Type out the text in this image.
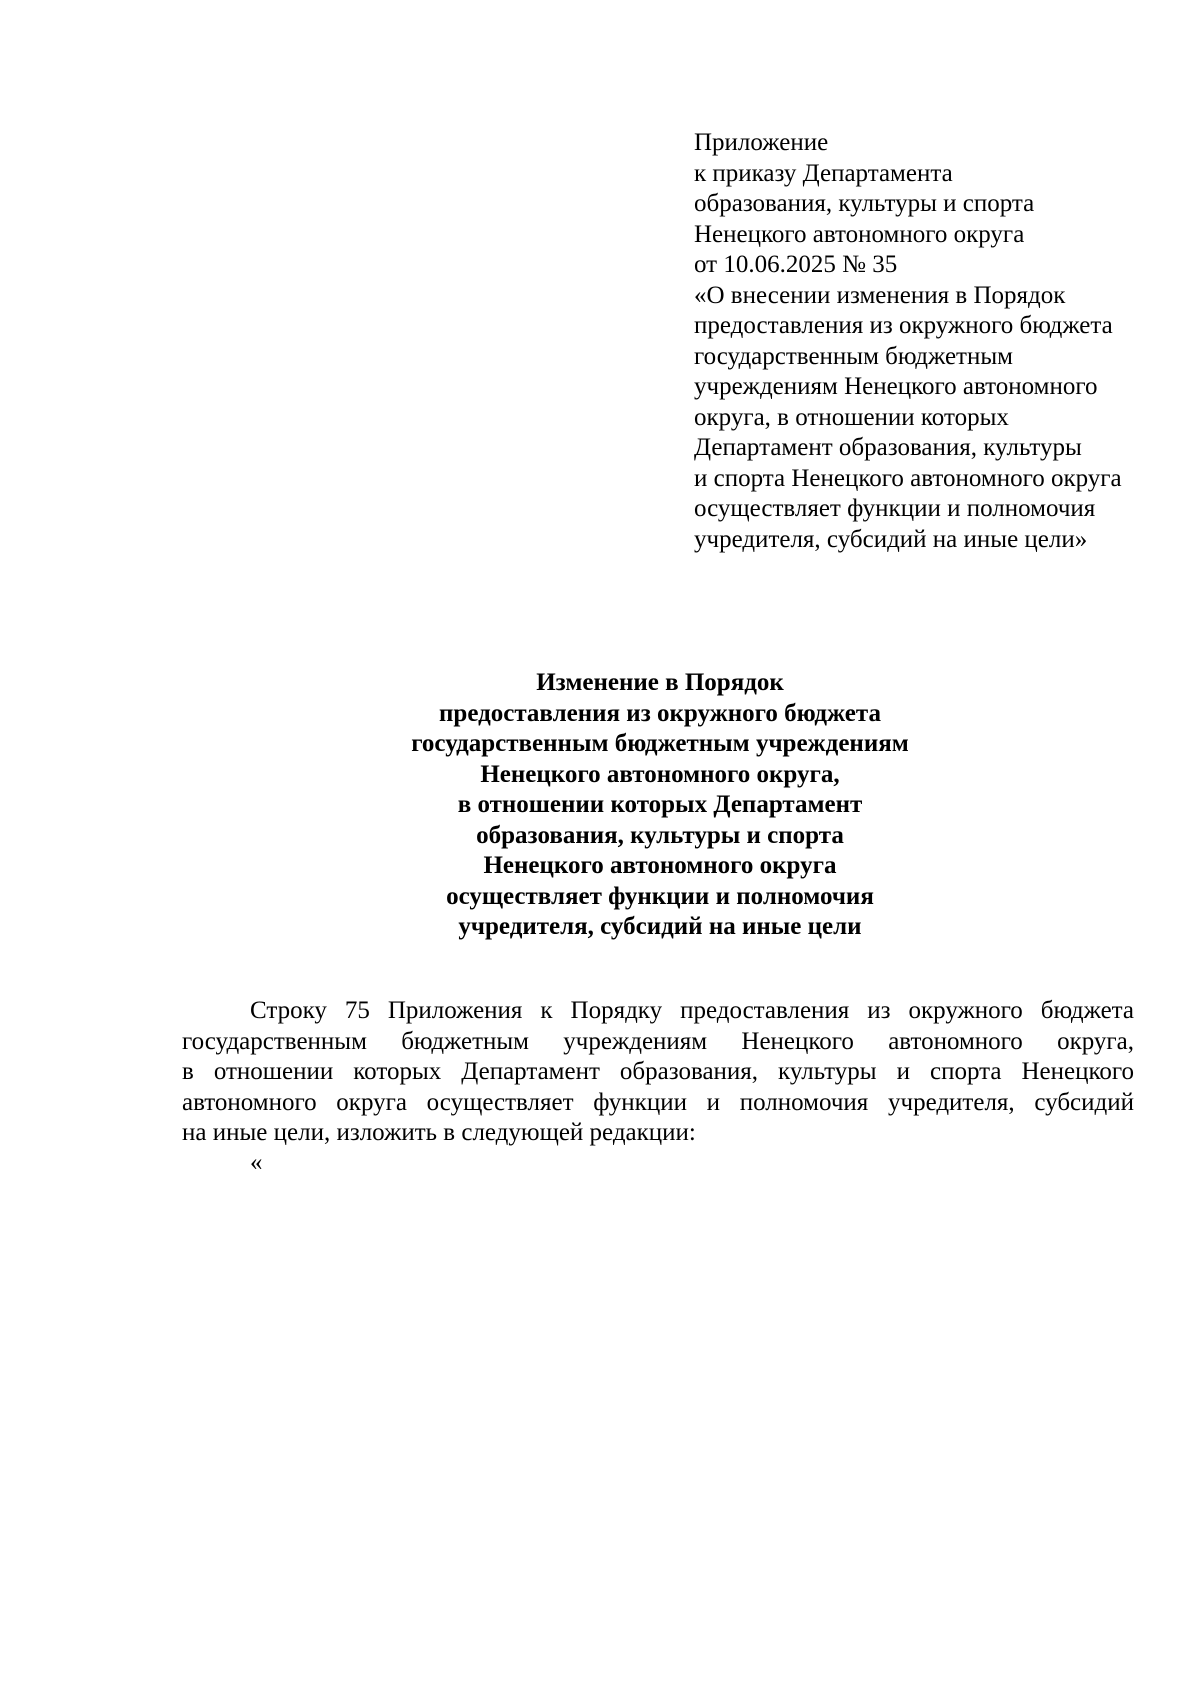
Приложение
к приказу Департамента
образования, культуры и спорта
Ненецкого автономного округа
от 10.06.2025 № 35
«О внесении изменения в Порядок
предоставления из окружного бюджета
государственным бюджетным
учреждениям Ненецкого автономного
округа, в отношении которых
Департамент образования, культуры
и спорта Ненецкого автономного округа
осуществляет функции и полномочия
учредителя, субсидий на иные цели»
Изменение в Порядок
предоставления из окружного бюджета
государственным бюджетным учреждениям
Ненецкого автономного округа,
в отношении которых Департамент
образования, культуры и спорта
Ненецкого автономного округа
осуществляет функции и полномочия
учредителя, субсидий на иные цели
Строку 75 Приложения к Порядку предоставления из окружного бюджета
государственным бюджетным учреждениям Ненецкого автономного округа,
в отношении которых Департамент образования, культуры и спорта Ненецкого
автономного округа осуществляет функции и полномочия учредителя, субсидий
на иные цели, изложить в следующей редакции:
«
